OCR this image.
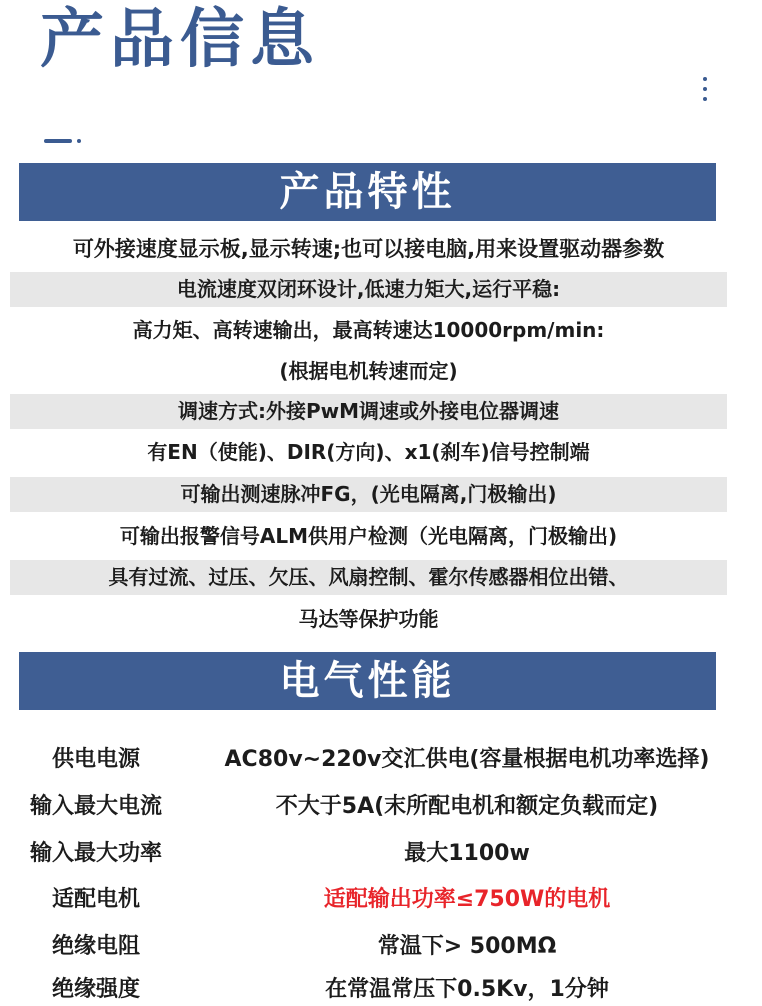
产品信息
产品特性
可外接速度显示板,显示转速;也可以接电脑,用来设置驱动器参数
电流速度双闭环设计,低速力矩大,运行平稳:
高力矩、高转速输出，最高转速达10000rpm/min:
(根据电机转速而定)
调速方式:外接PwM调速或外接电位器调速
有EN（使能)、DIR(方向)、x1(刹车)信号控制端
可输出测速脉冲FG，(光电隔离,门极输出)
可输出报警信号ALM供用户检测（光电隔离，门极输出)
具有过流、过压、欠压、风扇控制、霍尔传感器相位出错、
马达等保护功能
电气性能
供电电源	AC80v~220v交汇供电(容量根据电机功率选择)
输入最大电流	不大于5A(末所配电机和额定负载而定)
输入最大功率	最大1100w
适配电机	适配输出功率≤750W的电机
绝缘电阻	常温下> 500MΩ
绝缘强度	在常温常压下0.5Kv，1分钟
